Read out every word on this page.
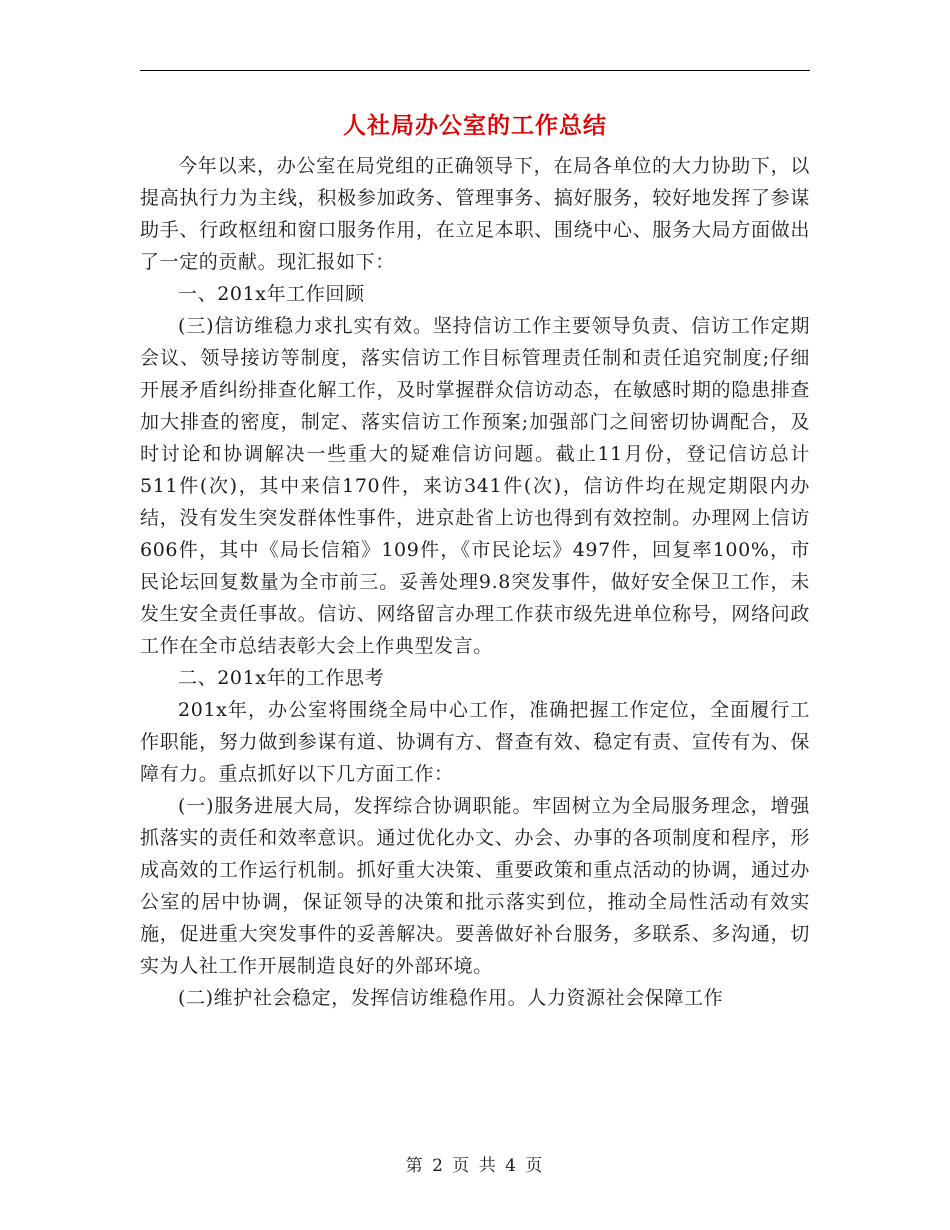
人社局办公室的工作总结

今年以来，办公室在局党组的正确领导下，在局各单位的大力协助下，以提高执行力为主线，积极参加政务、管理事务、搞好服务，较好地发挥了参谋助手、行政枢纽和窗口服务作用，在立足本职、围绕中心、服务大局方面做出了一定的贡献。现汇报如下：

一、201x年工作回顾

(三)信访维稳力求扎实有效。坚持信访工作主要领导负责、信访工作定期会议、领导接访等制度，落实信访工作目标管理责任制和责任追究制度;仔细开展矛盾纠纷排查化解工作，及时掌握群众信访动态，在敏感时期的隐患排查加大排查的密度，制定、落实信访工作预案;加强部门之间密切协调配合，及时讨论和协调解决一些重大的疑难信访问题。截止11月份，登记信访总计511件(次)，其中来信170件，来访341件(次)，信访件均在规定期限内办结，没有发生突发群体性事件，进京赴省上访也得到有效控制。办理网上信访606件，其中《局长信箱》109件，《市民论坛》497件，回复率100%，市民论坛回复数量为全市前三。妥善处理9.8突发事件，做好安全保卫工作，未发生安全责任事故。信访、网络留言办理工作获市级先进单位称号，网络问政工作在全市总结表彰大会上作典型发言。

二、201x年的工作思考

201x年，办公室将围绕全局中心工作，准确把握工作定位，全面履行工作职能，努力做到参谋有道、协调有方、督查有效、稳定有责、宣传有为、保障有力。重点抓好以下几方面工作：

(一)服务进展大局，发挥综合协调职能。牢固树立为全局服务理念，增强抓落实的责任和效率意识。通过优化办文、办会、办事的各项制度和程序，形成高效的工作运行机制。抓好重大决策、重要政策和重点活动的协调，通过办公室的居中协调，保证领导的决策和批示落实到位，推动全局性活动有效实施，促进重大突发事件的妥善解决。要善做好补台服务，多联系、多沟通，切实为人社工作开展制造良好的外部环境。

(二)维护社会稳定，发挥信访维稳作用。人力资源社会保障工作

第 2 页 共 4 页
